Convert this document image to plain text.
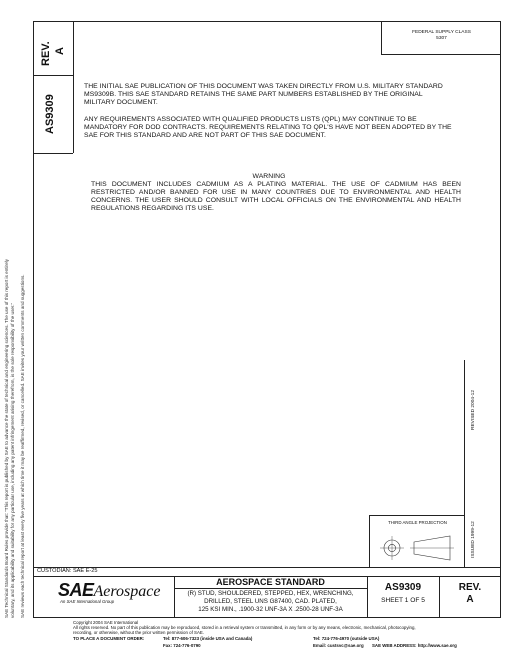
SAE Technical Standards Board Rules provide that: "This report is published by SAE to advance the state of technical and engineering sciences. The use of this report is entirely voluntary, and its applicability and suitability for any particular use, including any patent infringement arising therefrom, is the sole responsibility of the user." SAE reviews each technical report at least every five years at which time it may be reaffirmed, revised, or cancelled. SAE invites your written comments and suggestions.
REV. A
AS9309
FEDERAL SUPPLY CLASS
5307
THE INITIAL SAE PUBLICATION OF THIS DOCUMENT WAS TAKEN DIRECTLY FROM U.S. MILITARY STANDARD MS9309B. THIS SAE STANDARD RETAINS THE SAME PART NUMBERS ESTABLISHED BY THE ORIGINAL MILITARY DOCUMENT.
ANY REQUIREMENTS ASSOCIATED WITH QUALIFIED PRODUCTS LISTS (QPL) MAY CONTINUE TO BE MANDATORY FOR DOD CONTRACTS. REQUIREMENTS RELATING TO QPL'S HAVE NOT BEEN ADOPTED BY THE SAE FOR THIS STANDARD AND ARE NOT PART OF THIS SAE DOCUMENT.
WARNING
THIS DOCUMENT INCLUDES CADMIUM AS A PLATING MATERIAL. THE USE OF CADMIUM HAS BEEN RESTRICTED AND/OR BANNED FOR USE IN MANY COUNTRIES DUE TO ENVIRONMENTAL AND HEALTH CONCERNS. THE USER SHOULD CONSULT WITH LOCAL OFFICIALS ON THE ENVIRONMENTAL AND HEALTH REGULATIONS REGARDING ITS USE.
REVISED 2004-12
ISSUED 1999-12
THIRD ANGLE PROJECTION
CUSTODIAN: SAE E-25
SAEAerospace
An SAE International Group
AEROSPACE STANDARD
(R) STUD, SHOULDERED, STEPPED, HEX, WRENCHING,
DRILLED, STEEL UNS G87400, CAD. PLATED,
125 KSI MIN., .1900-32 UNF-3A X .2500-28 UNF-3A
AS9309
SHEET 1 OF 5
REV.
A
Copyright 2004 SAE International
All rights reserved. No part of this publication may be reproduced, stored in a retrieval system or transmitted, in any form or by any means, electronic, mechanical, photocopying,
recording, or otherwise, without the prior written permission of SAE.
TO PLACE A DOCUMENT ORDER:	Tel: 877-606-7323 (inside USA and Canada)	Tel: 724-776-4970 (outside USA)
Fax: 724-776-0790	Email: custsvc@sae.org SAE WEB ADDRESS: http://www.sae.org
